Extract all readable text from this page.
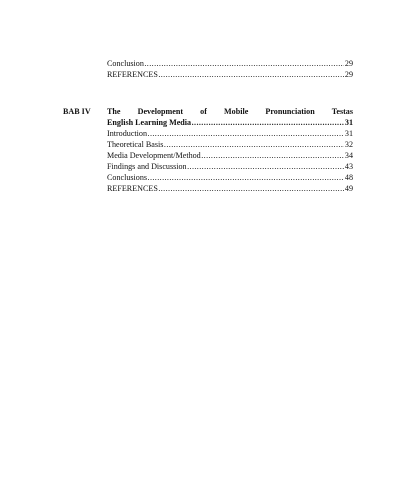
Conclusion .....	29
REFERENCES .....	29
BAB IV The Development of Mobile Pronunciation Testas
English Learning Media .....	31
Introduction .....	31
Theoretical Basis .....	32
Media Development/Method .....	34
Findings and Discussion .....	43
Conclusions .....	48
REFERENCES .....	49
